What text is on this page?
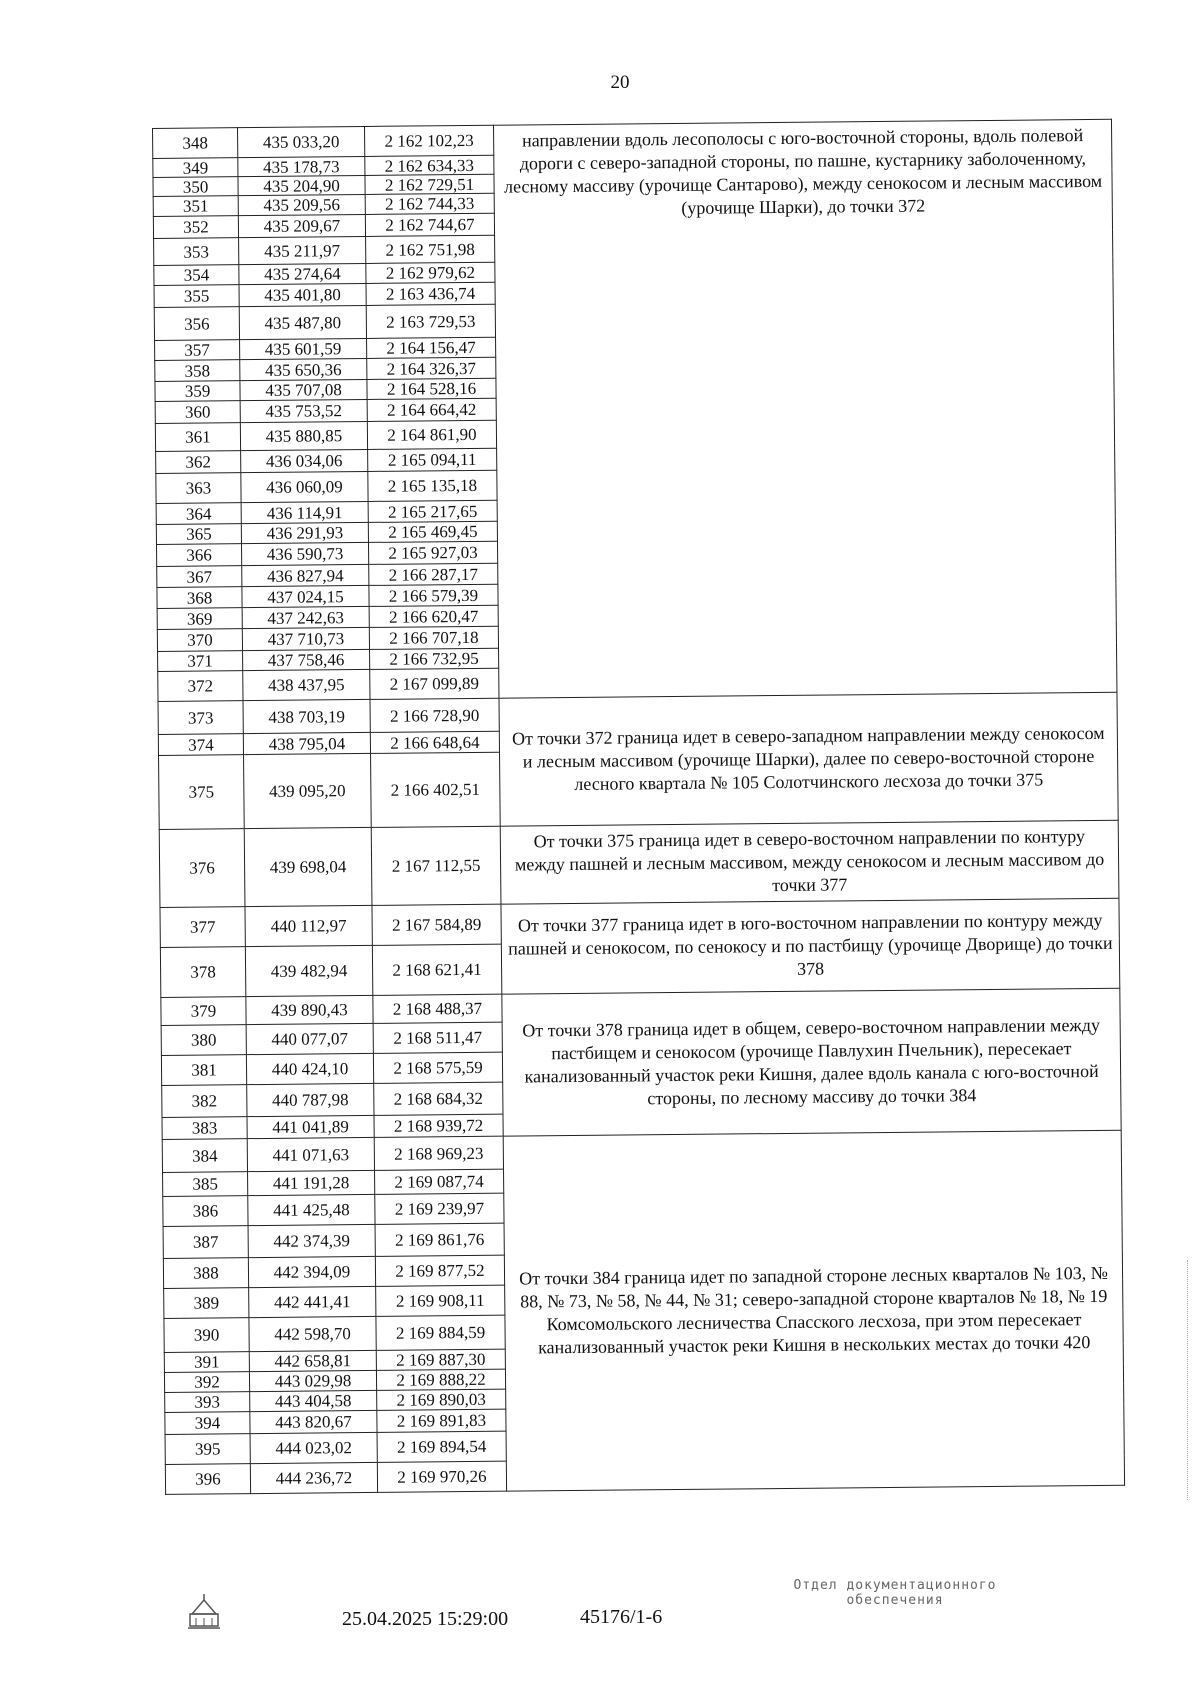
20
348	435 033,20	2 162 102,23	направлении вдоль лесополосы с юго-восточной стороны, вдоль полевой дороги с северо-западной стороны, по пашне, кустарнику заболоченному, лесному массиву (урочище Сантарово), между сенокосом и лесным массивом (урочище Шарки), до точки 372
349	435 178,73	2 162 634,33	
350	435 204,90	2 162 729,51	
351	435 209,56	2 162 744,33	
352	435 209,67	2 162 744,67	
353	435 211,97	2 162 751,98	
354	435 274,64	2 162 979,62	
355	435 401,80	2 163 436,74	
356	435 487,80	2 163 729,53	
357	435 601,59	2 164 156,47	
358	435 650,36	2 164 326,37	
359	435 707,08	2 164 528,16	
360	435 753,52	2 164 664,42	
361	435 880,85	2 164 861,90	
362	436 034,06	2 165 094,11	
363	436 060,09	2 165 135,18	
364	436 114,91	2 165 217,65	
365	436 291,93	2 165 469,45	
366	436 590,73	2 165 927,03	
367	436 827,94	2 166 287,17	
368	437 024,15	2 166 579,39	
369	437 242,63	2 166 620,47	
370	437 710,73	2 166 707,18	
371	437 758,46	2 166 732,95	
372	438 437,95	2 167 099,89	
373	438 703,19	2 166 728,90	От точки 372 граница идет в северо-западном направлении между сенокосом и лесным массивом (урочище Шарки), далее по северо-восточной стороне лесного квартала № 105 Солотчинского лесхоза до точки 375
374	438 795,04	2 166 648,64	
375	439 095,20	2 166 402,51	
376	439 698,04	2 167 112,55	От точки 375 граница идет в северо-восточном направлении по контуру между пашней и лесным массивом, между сенокосом и лесным массивом до точки 377
377	440 112,97	2 167 584,89	От точки 377 граница идет в юго-восточном направлении по контуру между пашней и сенокосом, по сенокосу и по пастбищу (урочище Дворище) до точки 378
378	439 482,94	2 168 621,41	
379	439 890,43	2 168 488,37	От точки 378 граница идет в общем, северо-восточном направлении между пастбищем и сенокосом (урочище Павлухин Пчельник), пересекает канализованный участок реки Кишня, далее вдоль канала с юго-восточной стороны, по лесному массиву до точки 384
380	440 077,07	2 168 511,47	
381	440 424,10	2 168 575,59	
382	440 787,98	2 168 684,32	
383	441 041,89	2 168 939,72	
384	441 071,63	2 168 969,23	От точки 384 граница идет по западной стороне лесных кварталов № 103, № 88, № 73, № 58, № 44, № 31; северо-западной стороне кварталов № 18, № 19 Комсомольского лесничества Спасского лесхоза, при этом пересекает канализованный участок реки Кишня в нескольких местах до точки 420
385	441 191,28	2 169 087,74	
386	441 425,48	2 169 239,97	
387	442 374,39	2 169 861,76	
388	442 394,09	2 169 877,52	
389	442 441,41	2 169 908,11	
390	442 598,70	2 169 884,59	
391	442 658,81	2 169 887,30	
392	443 029,98	2 169 888,22	
393	443 404,58	2 169 890,03	
394	443 820,67	2 169 891,83	
395	444 023,02	2 169 894,54	
396	444 236,72	2 169 970,26	
25.04.2025 15:29:00	45176/1-6
Отдел документационного
обеспечения
